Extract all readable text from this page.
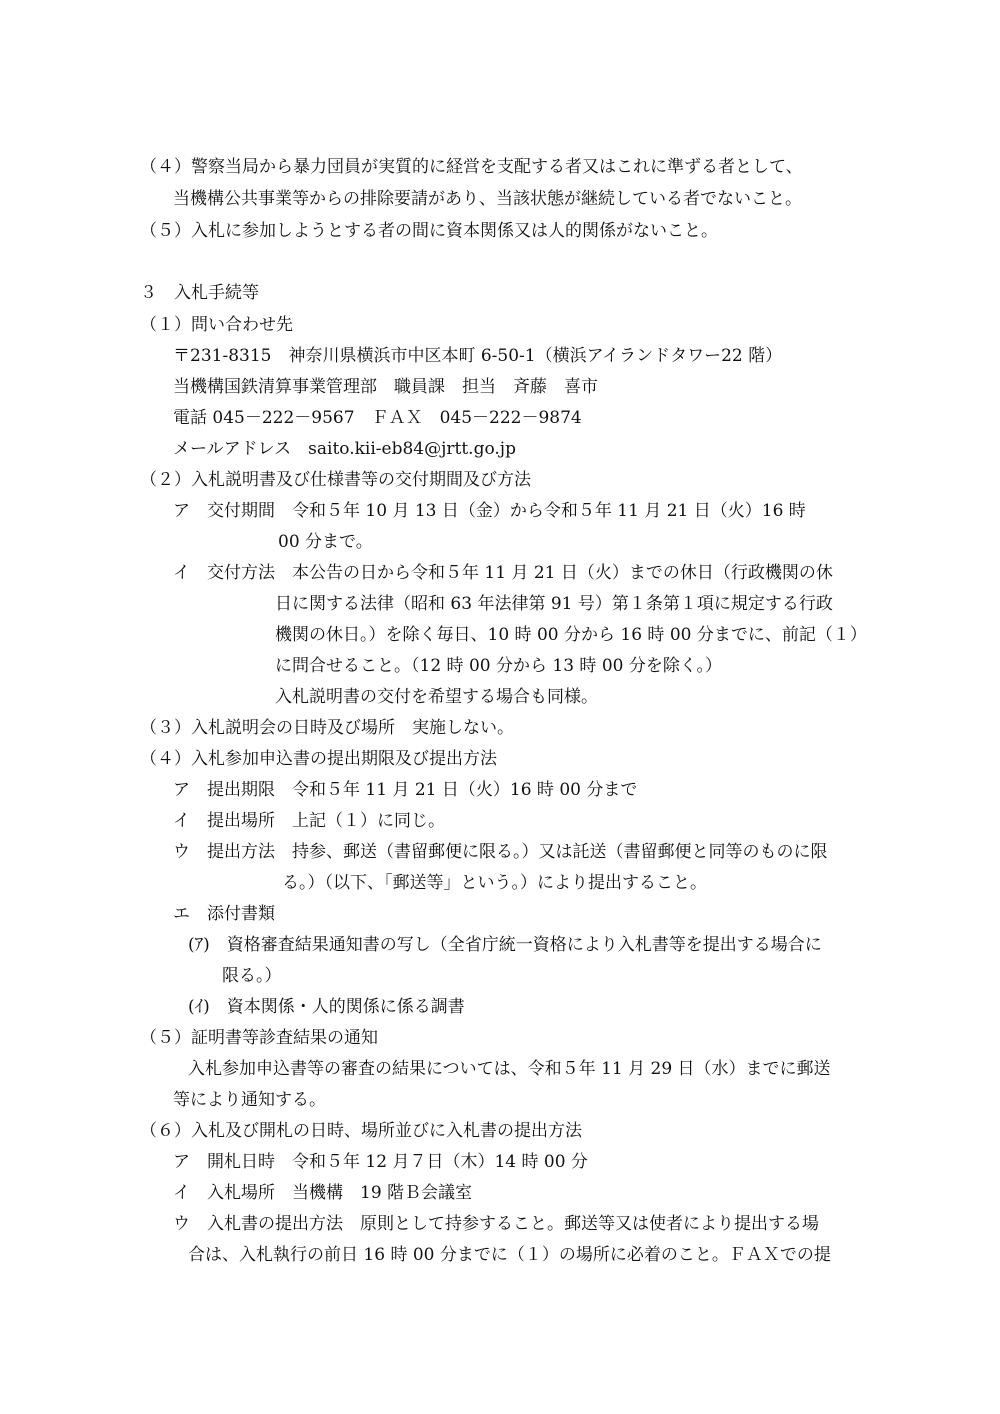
（４）警察当局から暴力団員が実質的に経営を支配する者又はこれに準ずる者として、
当機構公共事業等からの排除要請があり、当該状態が継続している者でないこと。
（５）入札に参加しようとする者の間に資本関係又は人的関係がないこと。
３　入札手続等
（１）問い合わせ先
〒231-8315　神奈川県横浜市中区本町 6-50-1（横浜アイランドタワー22 階）
当機構国鉄清算事業管理部　職員課　担当　斉藤　喜市
電話 045－222－9567　ＦＡＸ　045－222－9874
メールアドレス　saito.kii-eb84@jrtt.go.jp
（２）入札説明書及び仕様書等の交付期間及び方法
ア　交付期間　令和５年 10 月 13 日（金）から令和５年 11 月 21 日（火）16 時
00 分まで。
イ　交付方法　本公告の日から令和５年 11 月 21 日（火）までの休日（行政機関の休
日に関する法律（昭和 63 年法律第 91 号）第１条第１項に規定する行政
機関の休日。）を除く毎日、10 時 00 分から 16 時 00 分までに、前記（１）
に問合せること。（12 時 00 分から 13 時 00 分を除く。）
入札説明書の交付を希望する場合も同様。
（３）入札説明会の日時及び場所　実施しない。
（４）入札参加申込書の提出期限及び提出方法
ア　提出期限　令和５年 11 月 21 日（火）16 時 00 分まで
イ　提出場所　上記（１）に同じ。
ウ　提出方法　持参、郵送（書留郵便に限る。）又は託送（書留郵便と同等のものに限
る。）（以下、「郵送等」という。）により提出すること。
エ　添付書類
(ｱ)　資格審査結果通知書の写し（全省庁統一資格により入札書等を提出する場合に
限る。）
(ｲ)　資本関係・人的関係に係る調書
（５）証明書等診査結果の通知
入札参加申込書等の審査の結果については、令和５年 11 月 29 日（水）までに郵送
等により通知する。
（６）入札及び開札の日時、場所並びに入札書の提出方法
ア　開札日時　令和５年 12 月７日（木）14 時 00 分
イ　入札場所　当機構　19 階Ｂ会議室
ウ　入札書の提出方法　原則として持参すること。郵送等又は使者により提出する場
合は、入札執行の前日 16 時 00 分までに（１）の場所に必着のこと。ＦＡＸでの提
